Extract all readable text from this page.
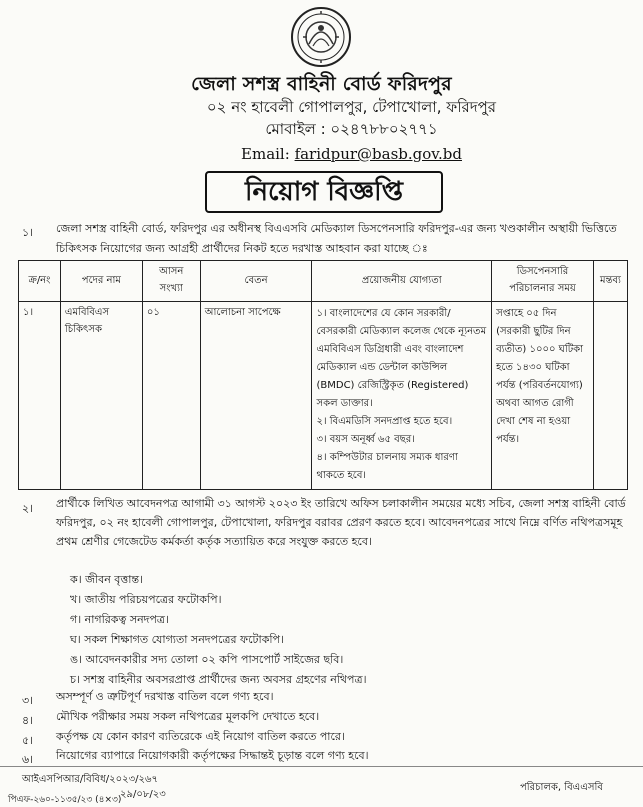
জেলা সশস্ত্র বাহিনী বোর্ড ফরিদপুর
০২ নং হাবেলী গোপালপুর, টেপাখোলা, ফরিদপুর
মোবাইল : ০২৪৭৮৮০২৭৭১
Email: faridpur@basb.gov.bd
নিয়োগ বিজ্ঞপ্তি
১। জেলা সশস্ত্র বাহিনী বোর্ড, ফরিদপুর এর অধীনস্থ বিএএসবি মেডিক্যাল ডিসপেনসারি ফরিদপুর-এর জন্য খণ্ডকালীন অস্থায়ী ভিত্তিতে চিকিৎসক নিয়োগের জন্য আগ্রহী প্রার্থীদের নিকট হতে দরখাস্ত আহবান করা যাচ্ছে ঃ
ক্র/নং	পদের নাম	আসন সংখ্যা	বেতন	প্রয়োজনীয় যোগ্যতা	ডিসপেনসারি পরিচালনার সময়	মন্তব্য
১।	এমবিবিএস চিকিৎসক	০১	আলোচনা সাপেক্ষে	১। বাংলাদেশের যে কোন সরকারী/বেসরকারী মেডিক্যাল কলেজ থেকে ন্যূনতম এমবিবিএস ডিগ্রিধারী এবং বাংলাদেশ মেডিক্যাল এন্ড ডেন্টাল কাউন্সিল (BMDC) রেজিস্ট্রিকৃত (Registered) সকল ডাক্তার।
২। বিএমডিসি সনদপ্রাপ্ত হতে হবে।
৩। বয়স অনূর্ধ্ব ৬৫ বছর।
৪। কম্পিউটার চালনায় সম্যক ধারণা থাকতে হবে।	সপ্তাহে ০৫ দিন (সরকারী ছুটির দিন ব্যতীত) ১০০০ ঘটিকা হতে ১৪৩০ ঘটিকা পর্যন্ত (পরিবর্তনযোগ্য) অথবা আগত রোগী দেখা শেষ না হওয়া পর্যন্ত।	
২। প্রার্থীকে লিখিত আবেদনপত্র আগামী ৩১ আগস্ট ২০২৩ ইং তারিখে অফিস চলাকালীন সময়ের মধ্যে সচিব, জেলা সশস্ত্র বাহিনী বোর্ড ফরিদপুর, ০২ নং হাবেলী গোপালপুর, টেপাখোলা, ফরিদপুর বরাবর প্রেরণ করতে হবে। আবেদনপত্রের সাথে নিম্নে বর্ণিত নথিপত্রসমূহ প্রথম শ্রেণীর গেজেটেড কর্মকর্তা কর্তৃক সত্যায়িত করে সংযুক্ত করতে হবে।
ক। জীবন বৃত্তান্ত।
খ। জাতীয় পরিচয়পত্রের ফটোকপি।
গ। নাগরিকত্ব সনদপত্র।
ঘ। সকল শিক্ষাগত যোগ্যতা সনদপত্রের ফটোকপি।
ঙ। আবেদনকারীর সদ্য তোলা ০২ কপি পাসপোর্ট সাইজের ছবি।
চ। সশস্ত্র বাহিনীর অবসরপ্রাপ্ত প্রার্থীদের জন্য অবসর গ্রহণের নথিপত্র।
৩। অসম্পূর্ণ ও ত্রুটিপূর্ণ দরখাস্ত বাতিল বলে গণ্য হবে।
৪। মৌখিক পরীক্ষার সময় সকল নথিপত্রের মূলকপি দেখাতে হবে।
৫। কর্তৃপক্ষ যে কোন কারণ ব্যতিরেকে এই নিয়োগ বাতিল করতে পারে।
৬। নিয়োগের ব্যাপারে নিয়োগকারী কর্তৃপক্ষের সিদ্ধান্তই চূড়ান্ত বলে গণ্য হবে।
আইএসপিআর/বিবিধ/২০২৩/২৬৭
২৯/০৮/২৩
পরিচালক, বিএএসবি
পিএফ-২৬০-১১৩৫/২৩ (৪×৩)
